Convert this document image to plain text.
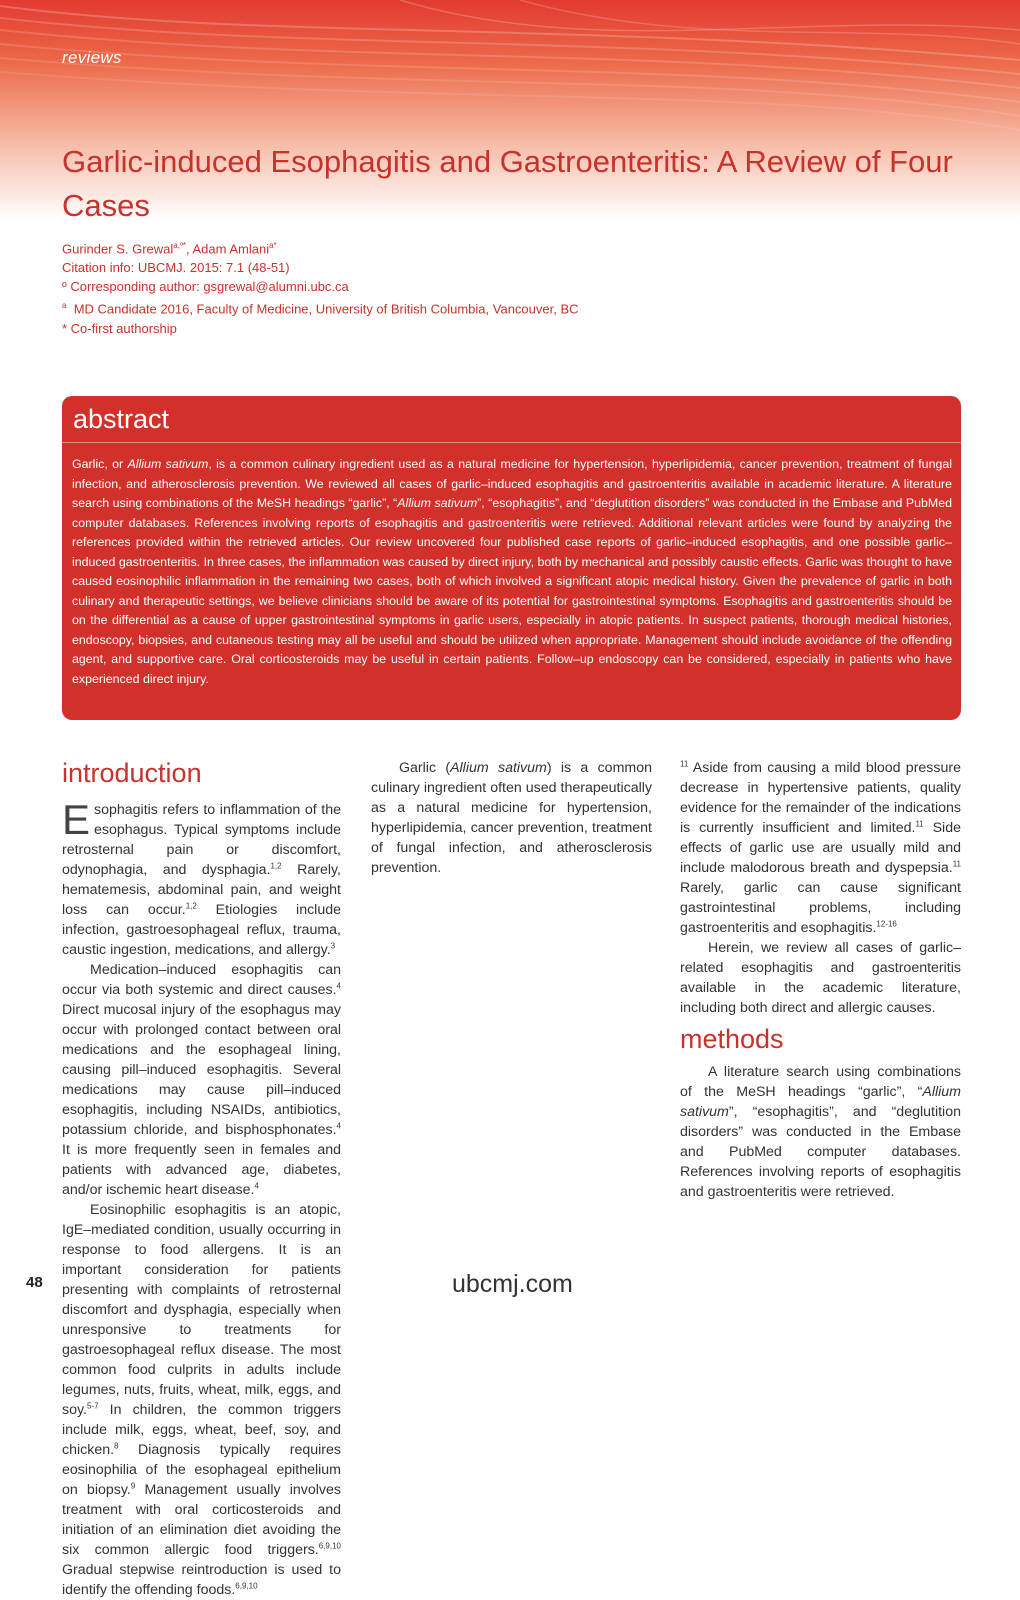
reviews
Garlic-induced Esophagitis and Gastroenteritis: A Review of Four Cases
Gurinder S. Grewal$^{a,º*}$, Adam Amlani$^{a*}$
Citation info: UBCMJ. 2015: 7.1 (48-51)
º Corresponding author: gsgrewal@alumni.ubc.ca
$^a$ MD Candidate 2016, Faculty of Medicine, University of British Columbia, Vancouver, BC
* Co-first authorship
abstract

Garlic, or Allium sativum, is a common culinary ingredient used as a natural medicine for hypertension, hyperlipidemia, cancer prevention, treatment of fungal infection, and atherosclerosis prevention. We reviewed all cases of garlic–induced esophagitis and gastroenteritis available in academic literature. A literature search using combinations of the MeSH headings “garlic”, “Allium sativum”, “esophagitis”, and “deglutition disorders” was conducted in the Embase and PubMed computer databases. References involving reports of esophagitis and gastroenteritis were retrieved. Additional relevant articles were found by analyzing the references provided within the retrieved articles. Our review uncovered four published case reports of garlic–induced esophagitis, and one possible garlic–induced gastroenteritis. In three cases, the inflammation was caused by direct injury, both by mechanical and possibly caustic effects. Garlic was thought to have caused eosinophilic inflammation in the remaining two cases, both of which involved a significant atopic medical history. Given the prevalence of garlic in both culinary and therapeutic settings, we believe clinicians should be aware of its potential for gastrointestinal symptoms. Esophagitis and gastroenteritis should be on the differential as a cause of upper gastrointestinal symptoms in garlic users, especially in atopic patients. In suspect patients, thorough medical histories, endoscopy, biopsies, and cutaneous testing may all be useful and should be utilized when appropriate. Management should include avoidance of the offending agent, and supportive care. Oral corticosteroids may be useful in certain patients. Follow–up endoscopy can be considered, especially in patients who have experienced direct injury.

introduction

Esophagitis refers to inflammation of the esophagus. Typical symptoms include retrosternal pain or discomfort, odynophagia, and dysphagia.$^{1,2}$ Rarely, hematemesis, abdominal pain, and weight loss can occur.$^{1,2}$ Etiologies include infection, gastroesophageal reflux, trauma, caustic ingestion, medications, and allergy.$^3$

Medication–induced esophagitis can occur via both systemic and direct causes.$^4$ Direct mucosal injury of the esophagus may occur with prolonged contact between oral medications and the esophageal lining, causing pill–induced esophagitis. Several medications may cause pill–induced esophagitis, including NSAIDs, antibiotics, potassium chloride, and bisphosphonates.$^4$ It is more frequently seen in females and patients with advanced age, diabetes, and/or ischemic heart disease.$^4$

Eosinophilic esophagitis is an atopic, IgE–mediated condition, usually occurring in response to food allergens. It is an important consideration for patients presenting with complaints of retrosternal discomfort and dysphagia, especially when unresponsive to treatments for gastroesophageal reflux disease. The most common food culprits in adults include legumes, nuts, fruits, wheat, milk, eggs, and soy.$^{5-7}$ In children, the common triggers include milk, eggs, wheat, beef, soy, and chicken.$^8$ Diagnosis typically requires eosinophilia of the esophageal epithelium on biopsy.$^9$ Management usually involves treatment with oral corticosteroids and initiation of an elimination diet avoiding the six common allergic food triggers.$^{6,9,10}$ Gradual stepwise reintroduction is used to identify the offending foods.$^{6,9,10}$

Garlic (Allium sativum) is a common culinary ingredient often used therapeutically as a natural medicine for hypertension, hyperlipidemia, cancer prevention, treatment of fungal infection, and atherosclerosis prevention.

$^{11}$ Aside from causing a mild blood pressure decrease in hypertensive patients, quality evidence for the remainder of the indications is currently insufficient and limited.$^{11}$ Side effects of garlic use are usually mild and include malodorous breath and dyspepsia.$^{11}$ Rarely, garlic can cause significant gastrointestinal problems, including gastroenteritis and esophagitis.$^{12-16}$

Herein, we review all cases of garlic–related esophagitis and gastroenteritis available in the academic literature, including both direct and allergic causes.

methods

A literature search using combinations of the MeSH headings “garlic”, “Allium sativum”, “esophagitis”, and “deglutition disorders” was conducted in the Embase and PubMed computer databases. References involving reports of esophagitis and gastroenteritis were retrieved.

48	ubcmj.com
